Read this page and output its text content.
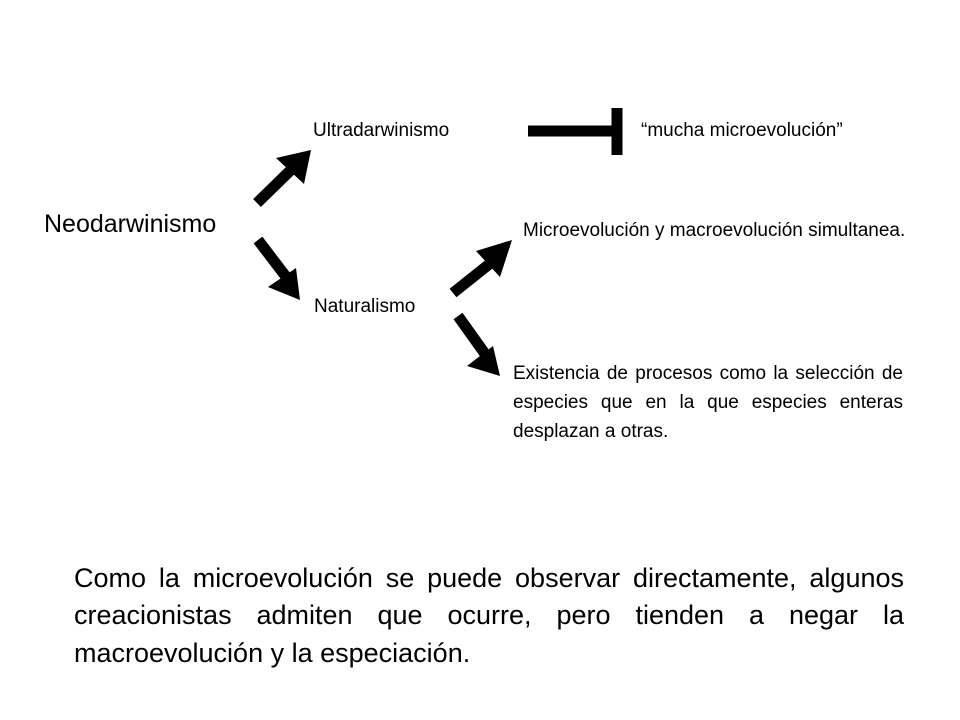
Neodarwinismo
Ultradarwinismo
Naturalismo
“mucha microevolución”
Microevolución y macroevolución simultanea.
Existencia de procesos como la selección de especies que en la que especies enteras desplazan a otras.
Como la microevolución se puede observar directamente, algunos creacionistas admiten que ocurre, pero tienden a negar la macroevolución y la especiación.
